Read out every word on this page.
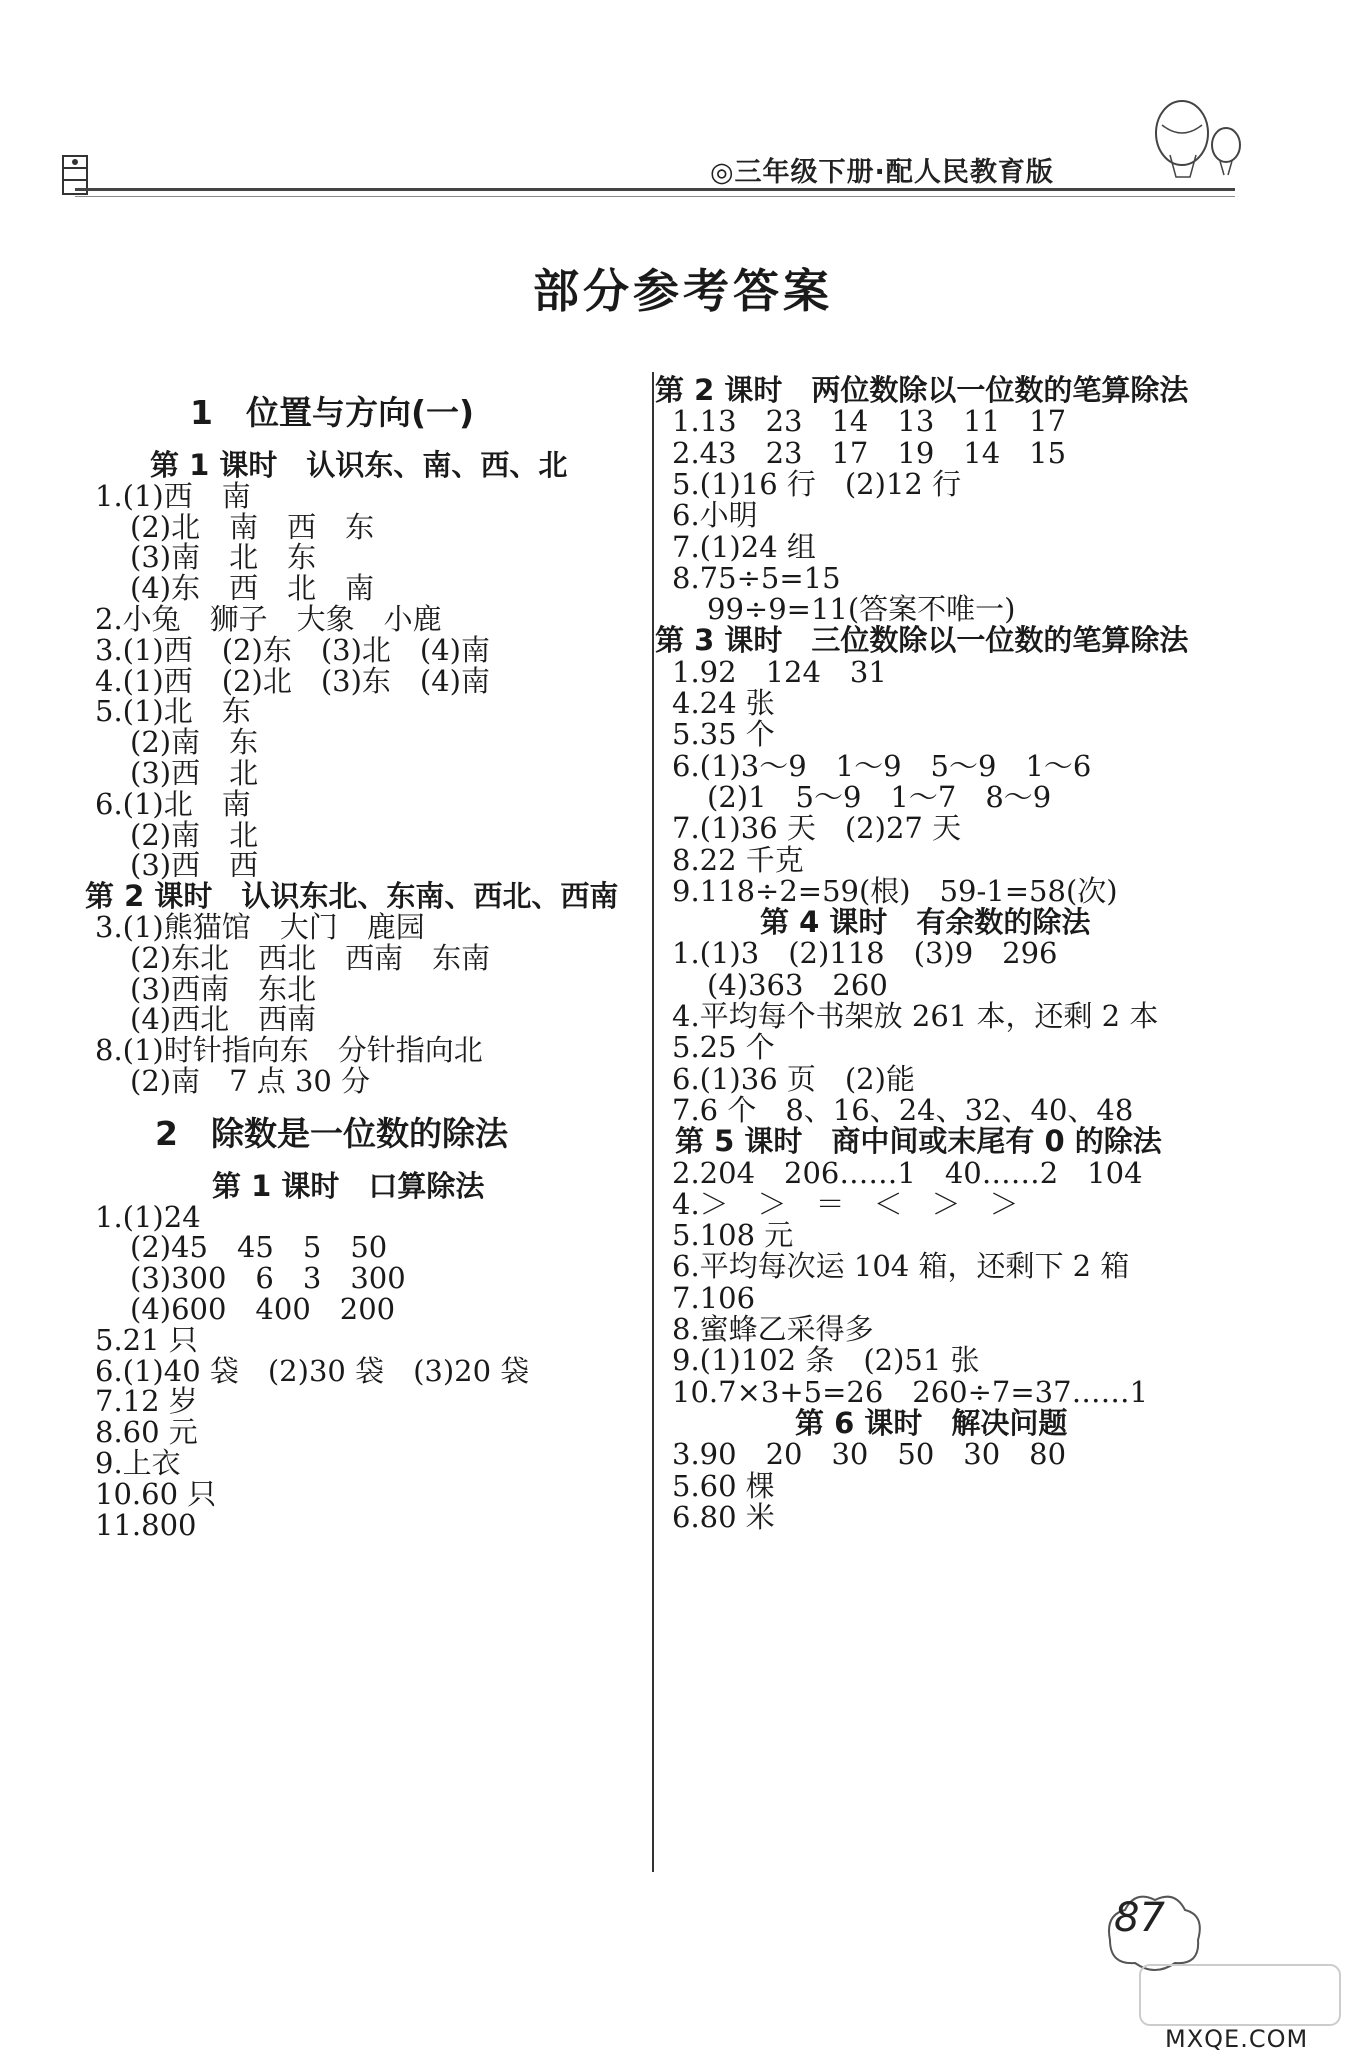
◎三年级下册·配人民教育版
部分参考答案
1　位置与方向(一)
第 1 课时　认识东、南、西、北
1.(1)西　南
(2)北　南　西　东
(3)南　北　东
(4)东　西　北　南
2.小兔　狮子　大象　小鹿
3.(1)西　(2)东　(3)北　(4)南
4.(1)西　(2)北　(3)东　(4)南
5.(1)北　东
(2)南　东
(3)西　北
6.(1)北　南
(2)南　北
(3)西　西
第 2 课时　认识东北、东南、西北、西南
3.(1)熊猫馆　大门　鹿园
(2)东北　西北　西南　东南
(3)西南　东北
(4)西北　西南
8.(1)时针指向东　分针指向北
(2)南　7 点 30 分
2　除数是一位数的除法
第 1 课时　口算除法
1.(1)24
(2)45　45　5　50
(3)300　6　3　300
(4)600　400　200
5.21 只
6.(1)40 袋　(2)30 袋　(3)20 袋
7.12 岁
8.60 元
9.上衣
10.60 只
11.800
第 2 课时　两位数除以一位数的笔算除法
1.13　23　14　13　11　17
2.43　23　17　19　14　15
5.(1)16 行　(2)12 行
6.小明
7.(1)24 组
8.75÷5=15
99÷9=11(答案不唯一)
第 3 课时　三位数除以一位数的笔算除法
1.92　124　31
4.24 张
5.35 个
6.(1)3～9　1～9　5～9　1～6
(2)1　5～9　1～7　8～9
7.(1)36 天　(2)27 天
8.22 千克
9.118÷2=59(根)　59-1=58(次)
第 4 课时　有余数的除法
1.(1)3　(2)118　(3)9　296
(4)363　260
4.平均每个书架放 261 本，还剩 2 本
5.25 个
6.(1)36 页　(2)能
7.6 个　8、16、24、32、40、48
第 5 课时　商中间或末尾有 0 的除法
2.204　206……1　40……2　104
4.＞　＞　＝　＜　＞　＞
5.108 元
6.平均每次运 104 箱，还剩下 2 箱
7.106
8.蜜蜂乙采得多
9.(1)102 条　(2)51 张
10.7×3+5=26　260÷7=37……1
第 6 课时　解决问题
3.90　20　30　50　30　80
5.60 棵
6.80 米
87
MXQE.COM
